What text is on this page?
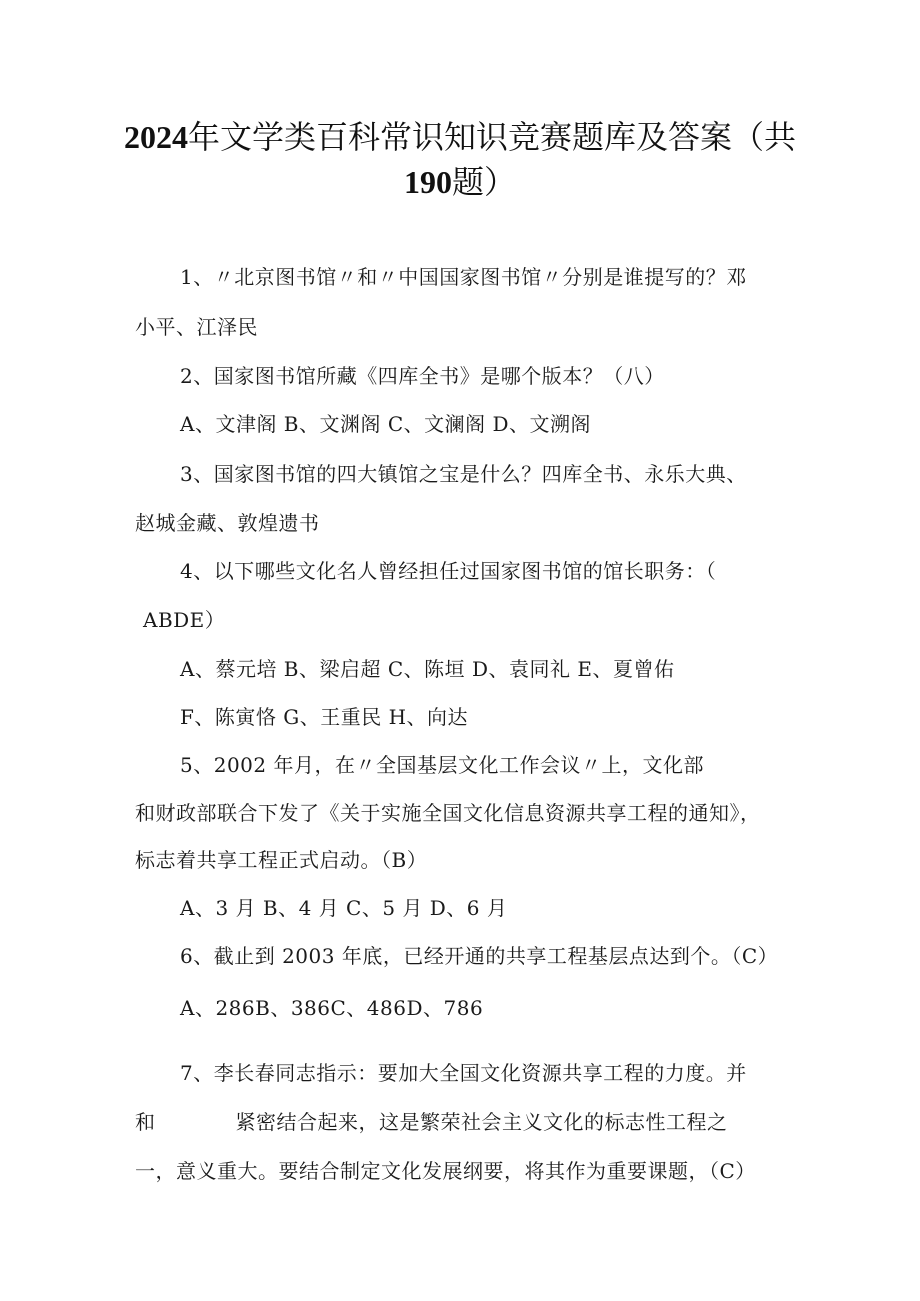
2024年文学类百科常识知识竞赛题库及答案（共
190题）
1、〃北京图书馆〃和〃中国国家图书馆〃分别是谁提写的？邓
小平、江泽民
2、国家图书馆所藏《四库全书》是哪个版本？（八）
A、文津阁 B、文渊阁 C、文澜阁 D、文溯阁
3、国家图书馆的四大镇馆之宝是什么？四库全书、永乐大典、
赵城金藏、敦煌遗书
4、以下哪些文化名人曾经担任过国家图书馆的馆长职务：（
ABDE）
A、蔡元培 B、梁启超 C、陈垣 D、袁同礼 E、夏曾佑
F、陈寅恪 G、王重民 H、向达
5、2002 年月，在〃全国基层文化工作会议〃上，文化部
和财政部联合下发了《关于实施全国文化信息资源共享工程的通知》，
标志着共享工程正式启动。（B）
A、3 月 B、4 月 C、5 月 D、6 月
6、截止到 2003 年底，已经开通的共享工程基层点达到个。（C）
A、286B、386C、486D、786
7、李长春同志指示：要加大全国文化资源共享工程的力度。并
和	紧密结合起来，这是繁荣社会主义文化的标志性工程之
一，意义重大。要结合制定文化发展纲要，将其作为重要课题，（C）
